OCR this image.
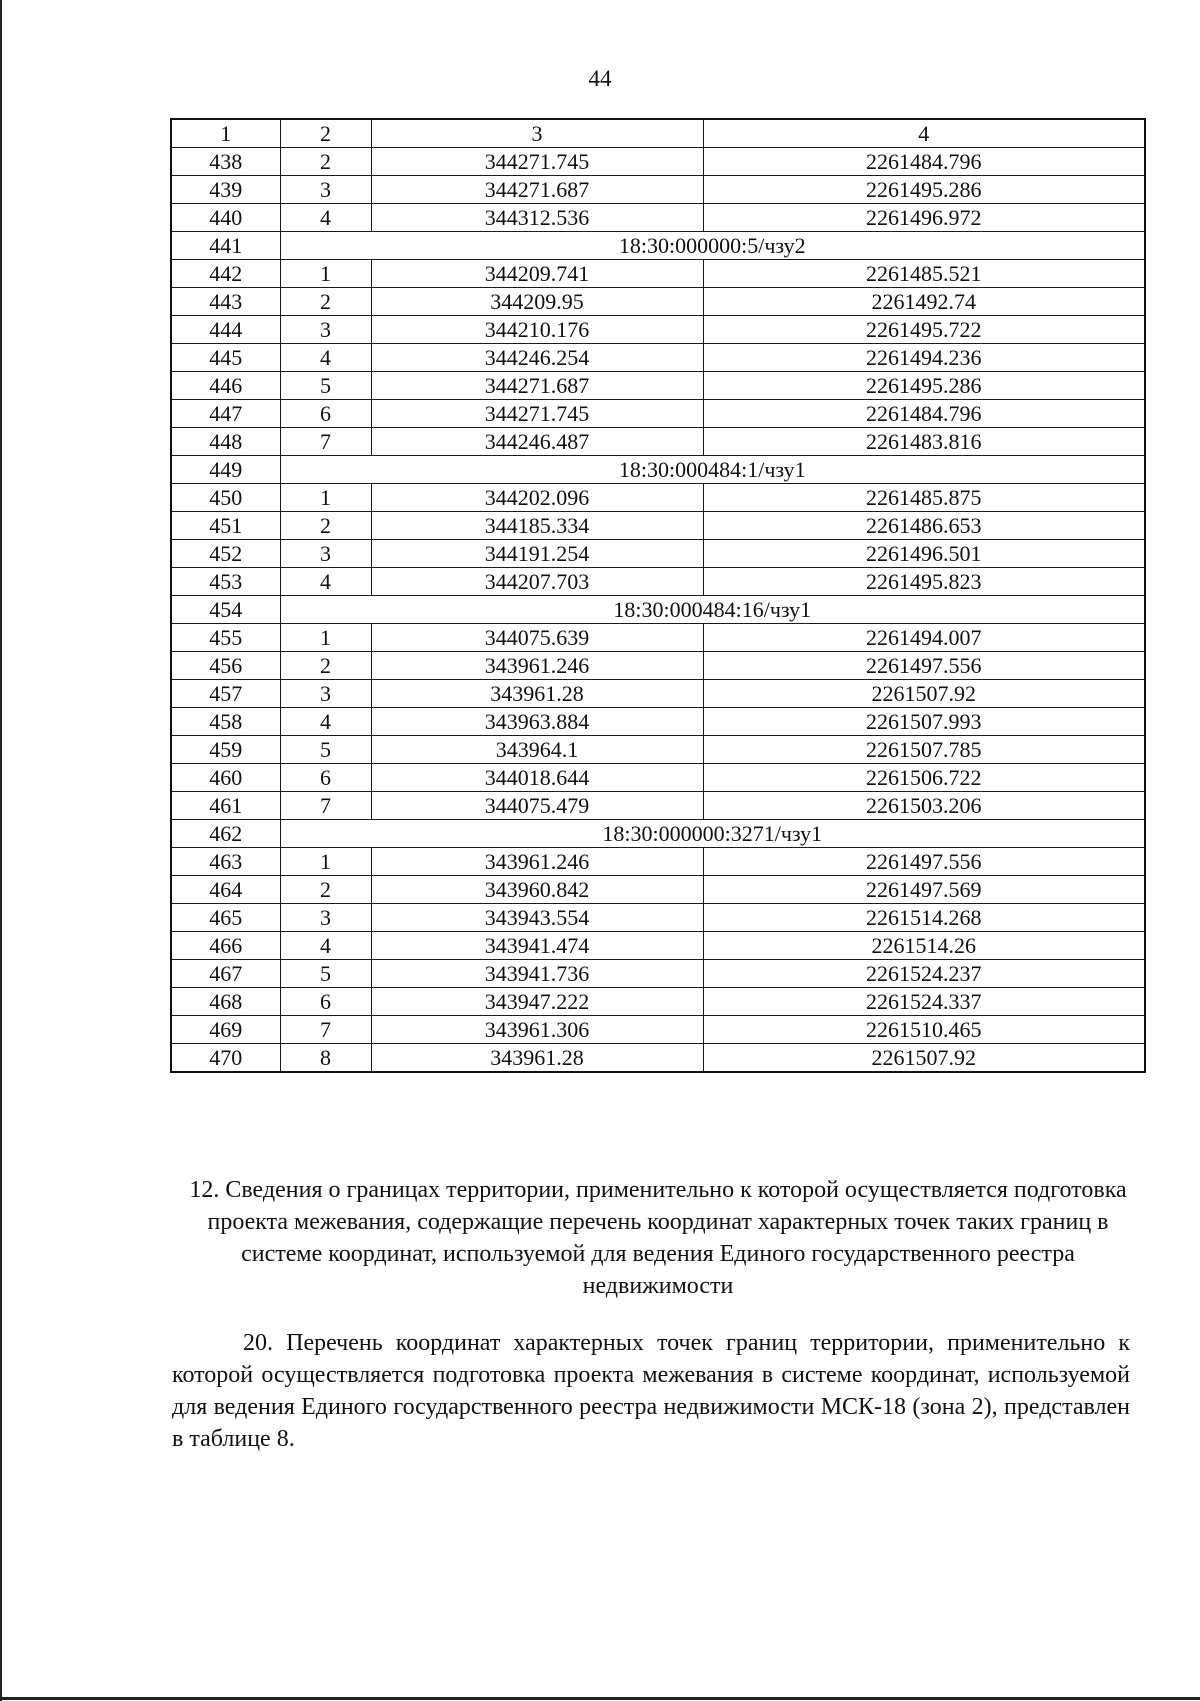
44
1	2	3	4
438	2	344271.745	2261484.796
439	3	344271.687	2261495.286
440	4	344312.536	2261496.972
441	18:30:000000:5/чзу2		
442	1	344209.741	2261485.521
443	2	344209.95	2261492.74
444	3	344210.176	2261495.722
445	4	344246.254	2261494.236
446	5	344271.687	2261495.286
447	6	344271.745	2261484.796
448	7	344246.487	2261483.816
449	18:30:000484:1/чзу1		
450	1	344202.096	2261485.875
451	2	344185.334	2261486.653
452	3	344191.254	2261496.501
453	4	344207.703	2261495.823
454	18:30:000484:16/чзу1		
455	1	344075.639	2261494.007
456	2	343961.246	2261497.556
457	3	343961.28	2261507.92
458	4	343963.884	2261507.993
459	5	343964.1	2261507.785
460	6	344018.644	2261506.722
461	7	344075.479	2261503.206
462	18:30:000000:3271/чзу1		
463	1	343961.246	2261497.556
464	2	343960.842	2261497.569
465	3	343943.554	2261514.268
466	4	343941.474	2261514.26
467	5	343941.736	2261524.237
468	6	343947.222	2261524.337
469	7	343961.306	2261510.465
470	8	343961.28	2261507.92
12. Сведения о границах территории, применительно к которой осуществляется подготовка проекта межевания, содержащие перечень координат характерных точек таких границ в системе координат, используемой для ведения Единого государственного реестра недвижимости
20. Перечень координат характерных точек границ территории, применительно к которой осуществляется подготовка проекта межевания в системе координат, используемой для ведения Единого государственного реестра недвижимости МСК-18 (зона 2), представлен в таблице 8.
